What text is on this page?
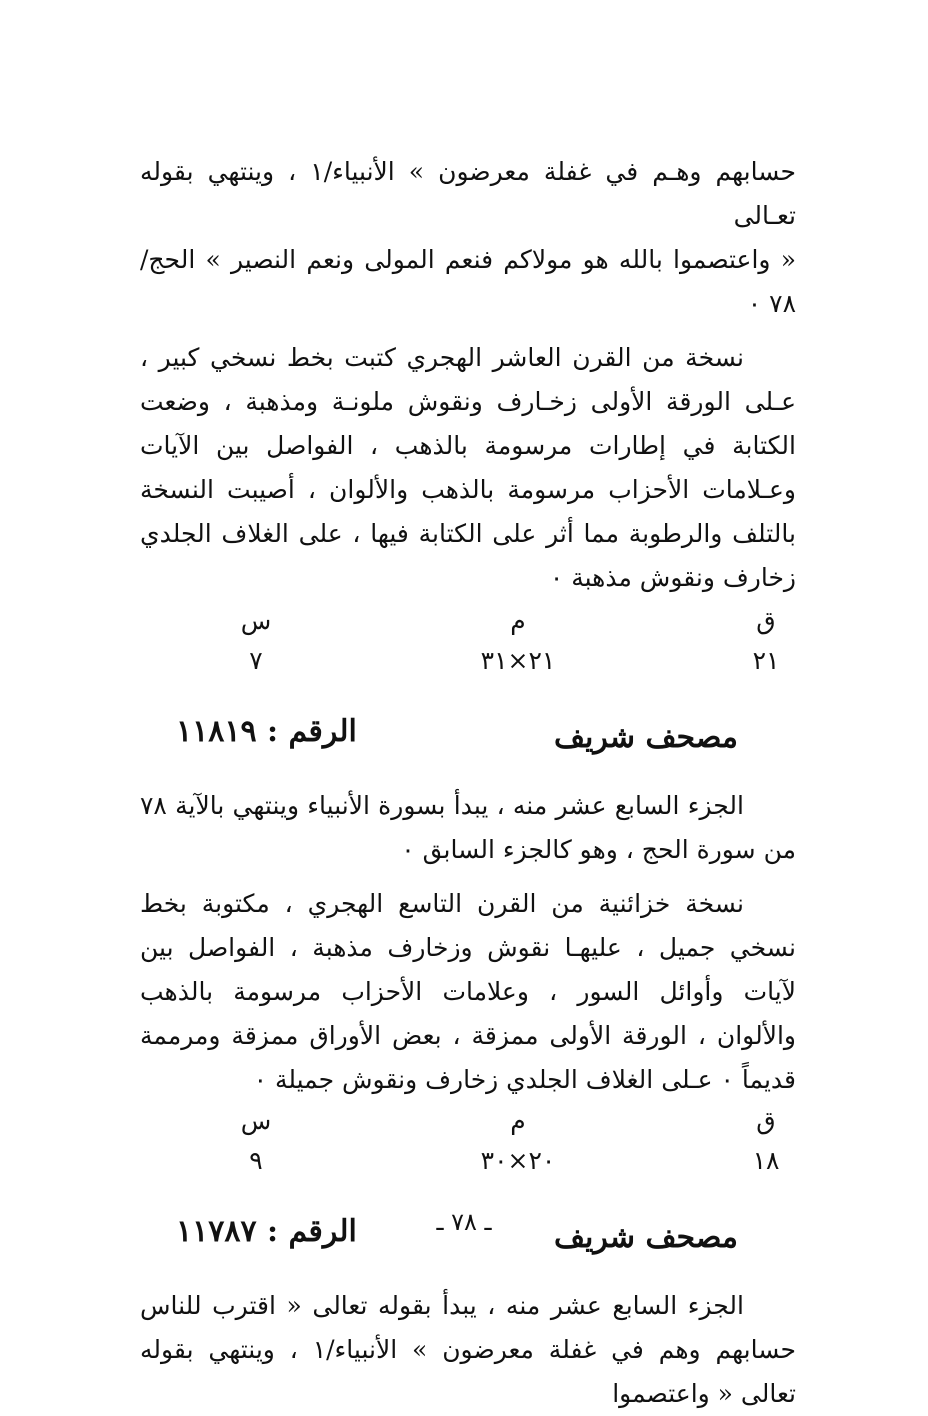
حسابهم وهـم في غفلة معرضون » الأنبياء/١ ، وينتهي بقوله تعـالى

« واعتصموا بالله هو مولاكم فنعم المولى ونعم النصير » الحج/٧٨ ٠

نسخة من القرن العاشر الهجري كتبت بخط نسخي كبير ، عـلى الورقة الأولى زخـارف ونقوش ملونـة ومذهبة ، وضعت الكتابة في إطارات مرسومة بالذهب ، الفواصل بين الآيات وعـلامات الأحزاب مرسومة بالذهب والألوان ، أصيبت النسخة بالتلف والرطوبة مما أثر على الكتابة فيها ، على الغلاف الجلدي زخارف ونقوش مذهبة ٠

ق
٢١
م
٢١×٣١
س
٧
مصحف شريف
الرقم : ١١٨١٩

الجزء السابع عشر منه ، يبدأ بسورة الأنبياء وينتهي بالآية ٧٨ من سورة الحج ، وهو كالجزء السابق ٠

نسخة خزائنية من القرن التاسع الهجري ، مكتوبة بخط نسخي جميل ، عليهـا نقوش وزخارف مذهبة ، الفواصل بين لآيات وأوائل السور ، وعلامات الأحزاب مرسومة بالذهب والألوان ، الورقة الأولى ممزقة ، بعض الأوراق ممزقة ومرممة قديماً ٠ عـلى الغلاف الجلدي زخارف ونقوش جميلة ٠

ق
١٨
م
٢٠×٣٠
س
٩
مصحف شريف
الرقم : ١١٧٨٧

الجزء السابع عشر منه ، يبدأ بقوله تعالى « اقترب للناس حسابهم وهم في غفلة معرضون » الأنبياء/١ ، وينتهي بقوله تعالى « واعتصموا

ـ ٧٨ ـ
